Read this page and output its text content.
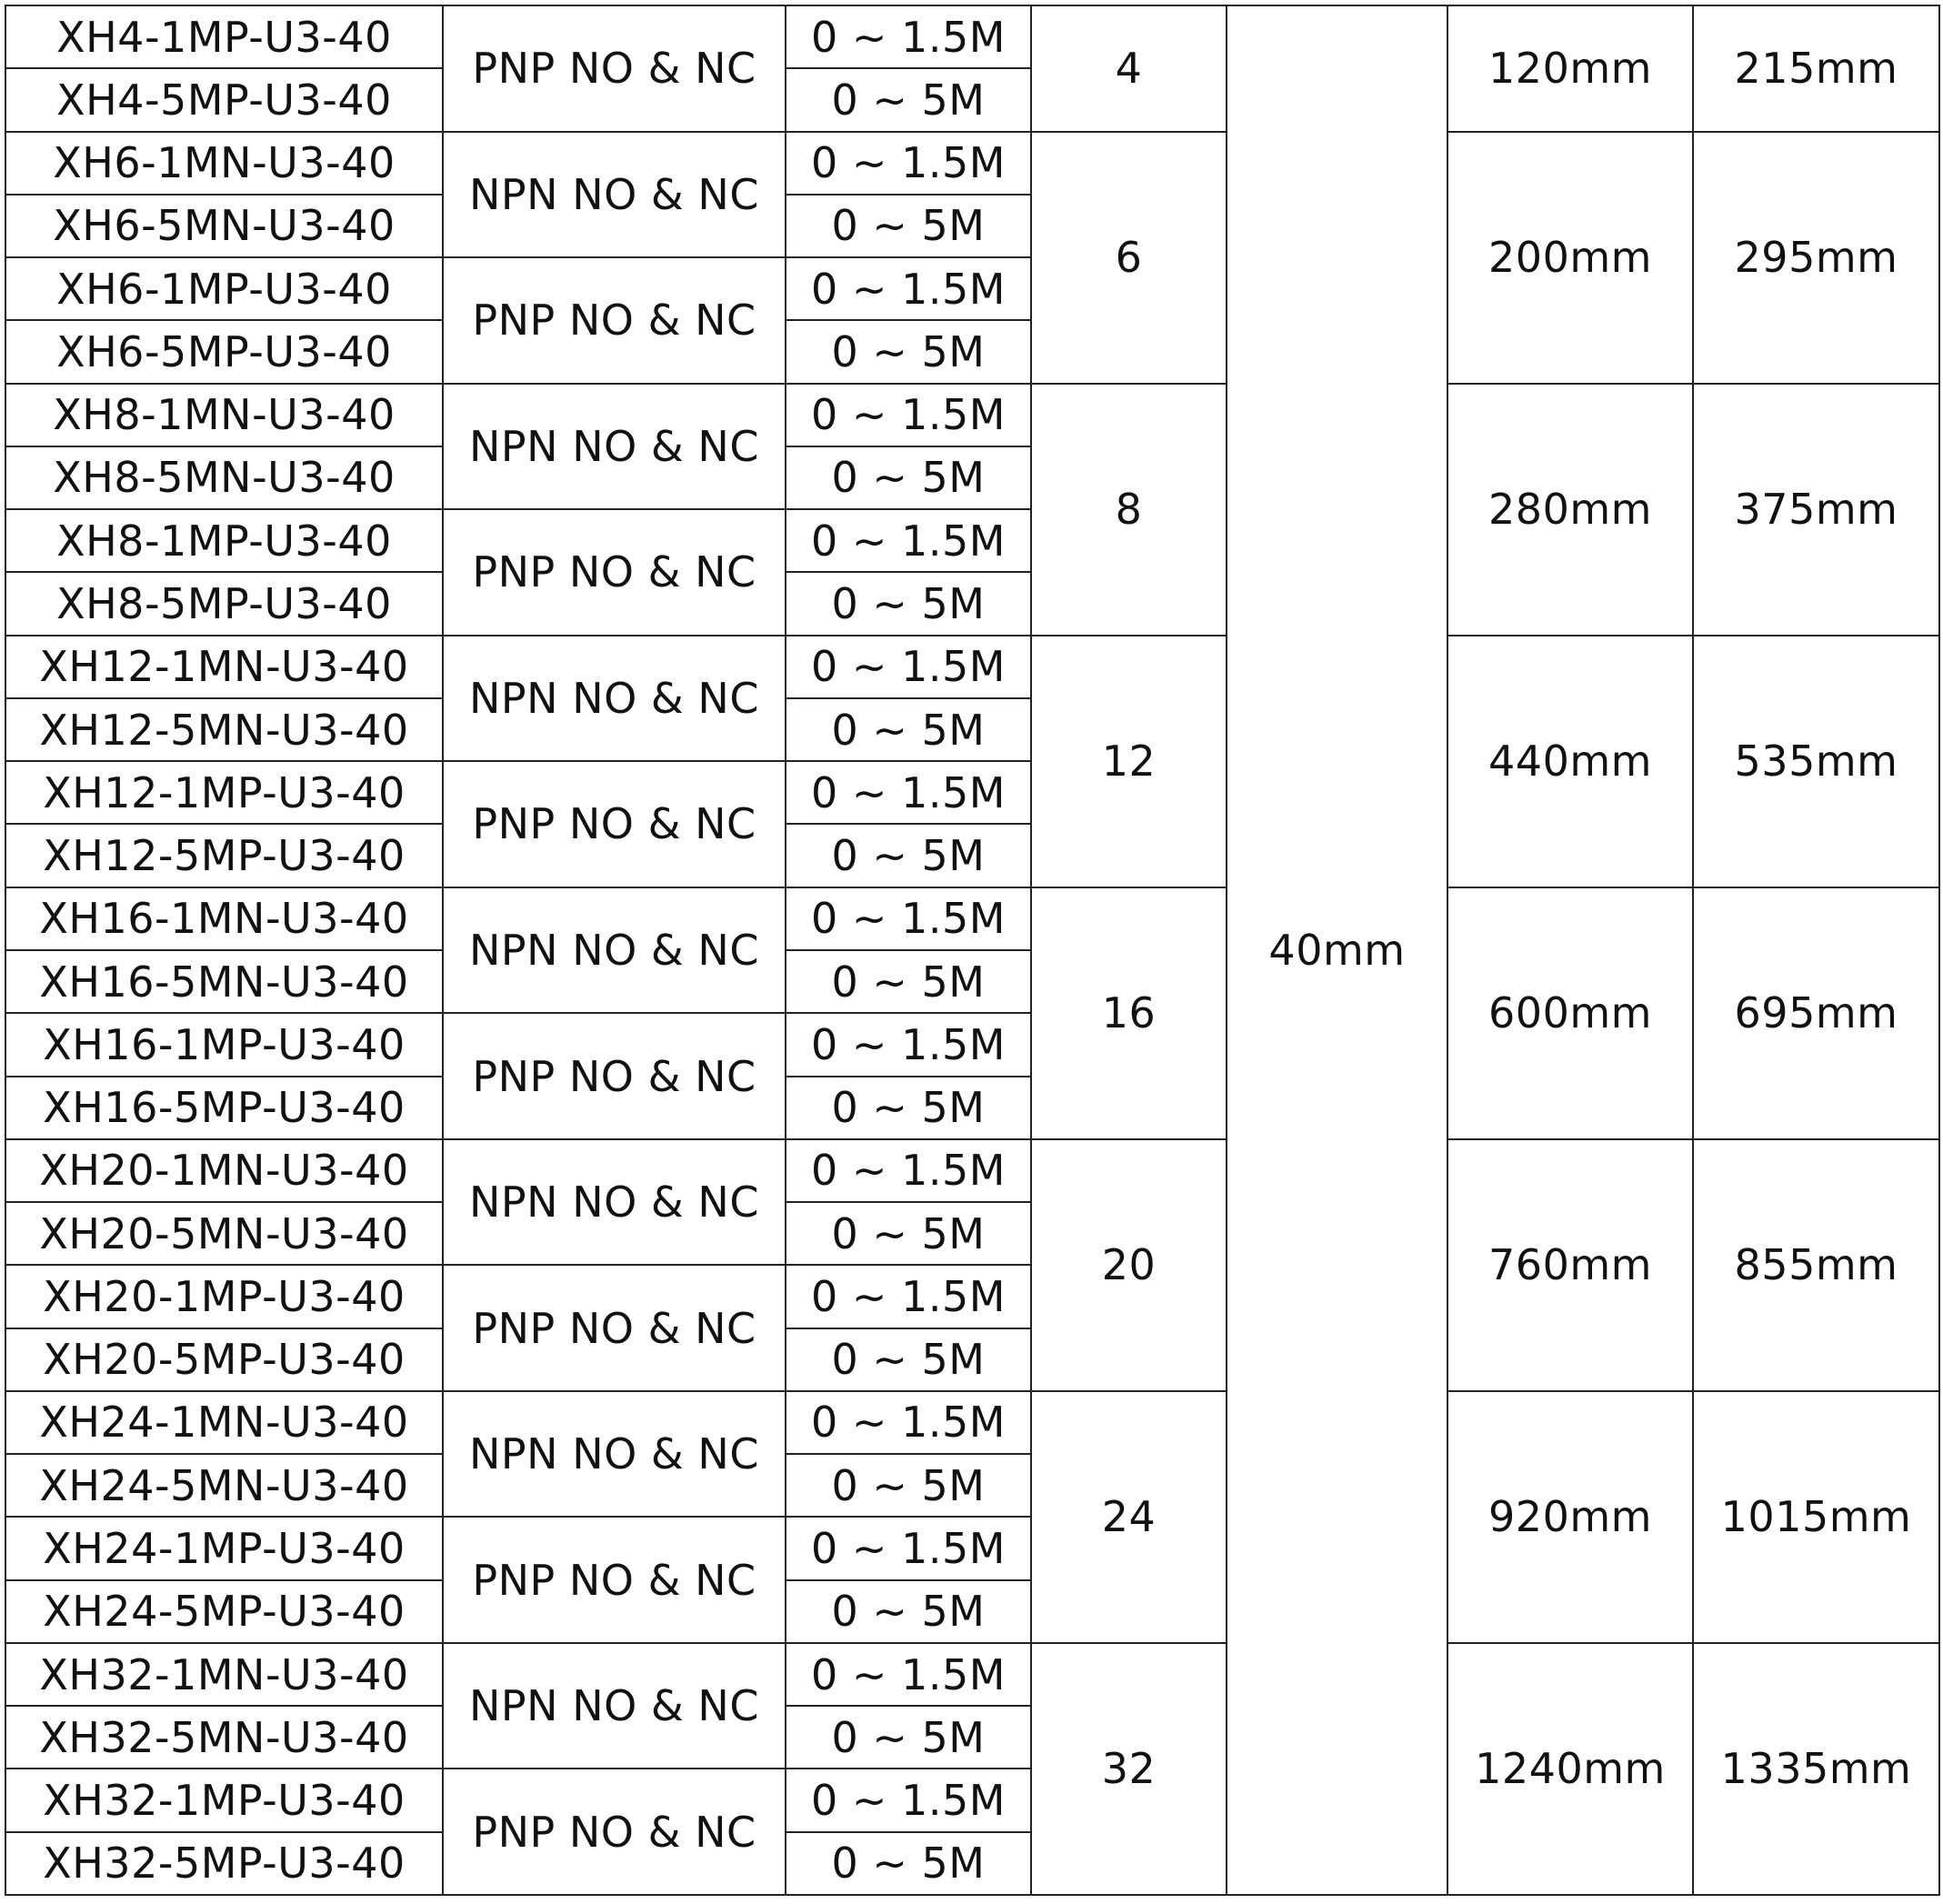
XH4-1MP-U3-40	PNP NO & NC	0 ~ 1.5M	4	40mm	120mm	215mm
XH4-5MP-U3-40		0 ~ 5M				
XH6-1MN-U3-40	NPN NO & NC	0 ~ 1.5M	6		200mm	295mm
XH6-5MN-U3-40		0 ~ 5M				
XH6-1MP-U3-40	PNP NO & NC	0 ~ 1.5M				
XH6-5MP-U3-40		0 ~ 5M				
XH8-1MN-U3-40	NPN NO & NC	0 ~ 1.5M	8		280mm	375mm
XH8-5MN-U3-40		0 ~ 5M				
XH8-1MP-U3-40	PNP NO & NC	0 ~ 1.5M				
XH8-5MP-U3-40		0 ~ 5M				
XH12-1MN-U3-40	NPN NO & NC	0 ~ 1.5M	12		440mm	535mm
XH12-5MN-U3-40		0 ~ 5M				
XH12-1MP-U3-40	PNP NO & NC	0 ~ 1.5M				
XH12-5MP-U3-40		0 ~ 5M				
XH16-1MN-U3-40	NPN NO & NC	0 ~ 1.5M	16		600mm	695mm
XH16-5MN-U3-40		0 ~ 5M				
XH16-1MP-U3-40	PNP NO & NC	0 ~ 1.5M				
XH16-5MP-U3-40		0 ~ 5M				
XH20-1MN-U3-40	NPN NO & NC	0 ~ 1.5M	20		760mm	855mm
XH20-5MN-U3-40		0 ~ 5M				
XH20-1MP-U3-40	PNP NO & NC	0 ~ 1.5M				
XH20-5MP-U3-40		0 ~ 5M				
XH24-1MN-U3-40	NPN NO & NC	0 ~ 1.5M	24		920mm	1015mm
XH24-5MN-U3-40		0 ~ 5M				
XH24-1MP-U3-40	PNP NO & NC	0 ~ 1.5M				
XH24-5MP-U3-40		0 ~ 5M				
XH32-1MN-U3-40	NPN NO & NC	0 ~ 1.5M	32		1240mm	1335mm
XH32-5MN-U3-40		0 ~ 5M				
XH32-1MP-U3-40	PNP NO & NC	0 ~ 1.5M				
XH32-5MP-U3-40		0 ~ 5M				
